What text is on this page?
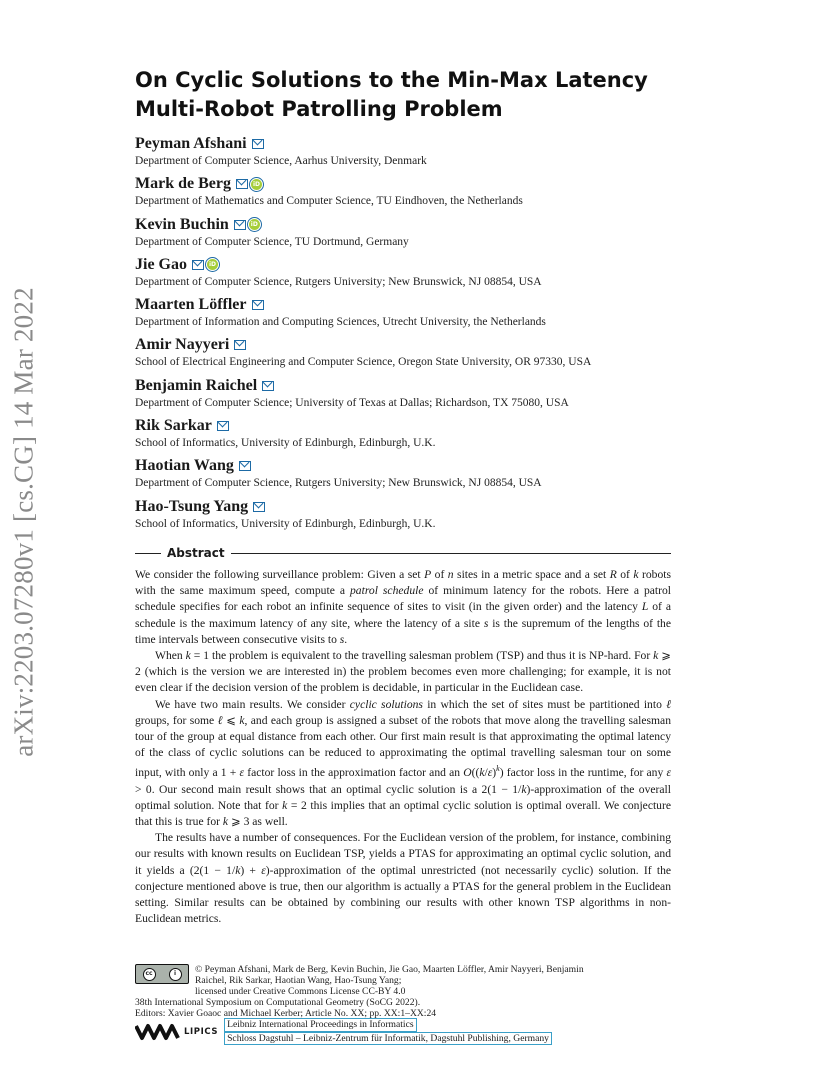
arXiv:2203.07280v1 [cs.CG] 14 Mar 2022
On Cyclic Solutions to the Min-Max Latency
Multi-Robot Patrolling Problem
Peyman Afshani
Department of Computer Science, Aarhus University, Denmark
Mark de Berg	iD
Department of Mathematics and Computer Science, TU Eindhoven, the Netherlands
Kevin Buchin	iD
Department of Computer Science, TU Dortmund, Germany
Jie Gao	iD
Department of Computer Science, Rutgers University; New Brunswick, NJ 08854, USA
Maarten Löffler
Department of Information and Computing Sciences, Utrecht University, the Netherlands
Amir Nayyeri
School of Electrical Engineering and Computer Science, Oregon State University, OR 97330, USA
Benjamin Raichel
Department of Computer Science; University of Texas at Dallas; Richardson, TX 75080, USA
Rik Sarkar
School of Informatics, University of Edinburgh, Edinburgh, U.K.
Haotian Wang
Department of Computer Science, Rutgers University; New Brunswick, NJ 08854, USA
Hao-Tsung Yang
School of Informatics, University of Edinburgh, Edinburgh, U.K.
Abstract

We consider the following surveillance problem: Given a set P of n sites in a metric space and a set R of k robots with the same maximum speed, compute a patrol schedule of minimum latency for the robots. Here a patrol schedule specifies for each robot an infinite sequence of sites to visit (in the given order) and the latency L of a schedule is the maximum latency of any site, where the latency of a site s is the supremum of the lengths of the time intervals between consecutive visits to s.

When k = 1 the problem is equivalent to the travelling salesman problem (TSP) and thus it is NP-hard. For k ⩾ 2 (which is the version we are interested in) the problem becomes even more challenging; for example, it is not even clear if the decision version of the problem is decidable, in particular in the Euclidean case.

We have two main results. We consider cyclic solutions in which the set of sites must be partitioned into ℓ groups, for some ℓ ⩽ k, and each group is assigned a subset of the robots that move along the travelling salesman tour of the group at equal distance from each other. Our first main result is that approximating the optimal latency of the class of cyclic solutions can be reduced to approximating the optimal travelling salesman tour on some input, with only a 1 + ε factor loss in the approximation factor and an $O((k/\varepsilon)^k)$ factor loss in the runtime, for any ε > 0. Our second main result shows that an optimal cyclic solution is a 2(1 − 1/k)-approximation of the overall optimal solution. Note that for k = 2 this implies that an optimal cyclic solution is optimal overall. We conjecture that this is true for k ⩾ 3 as well.

The results have a number of consequences. For the Euclidean version of the problem, for instance, combining our results with known results on Euclidean TSP, yields a PTAS for approximating an optimal cyclic solution, and it yields a (2(1 − 1/k) + ε)-approximation of the optimal unrestricted (not necessarily cyclic) solution. If the conjecture mentioned above is true, then our algorithm is actually a PTAS for the general problem in the Euclidean setting. Similar results can be obtained by combining our results with other known TSP algorithms in non-Euclidean metrics.

cc	i	© Peyman Afshani, Mark de Berg, Kevin Buchin, Jie Gao, Maarten Löffler, Amir Nayyeri, Benjamin
Raichel, Rik Sarkar, Haotian Wang, Hao-Tsung Yang;
licensed under Creative Commons License CC-BY 4.0
38th International Symposium on Computational Geometry (SoCG 2022).
Editors: Xavier Goaoc and Michael Kerber; Article No. XX; pp. XX:1–XX:24
LIPICS
Leibniz International Proceedings in Informatics
Schloss Dagstuhl – Leibniz-Zentrum für Informatik, Dagstuhl Publishing, Germany
